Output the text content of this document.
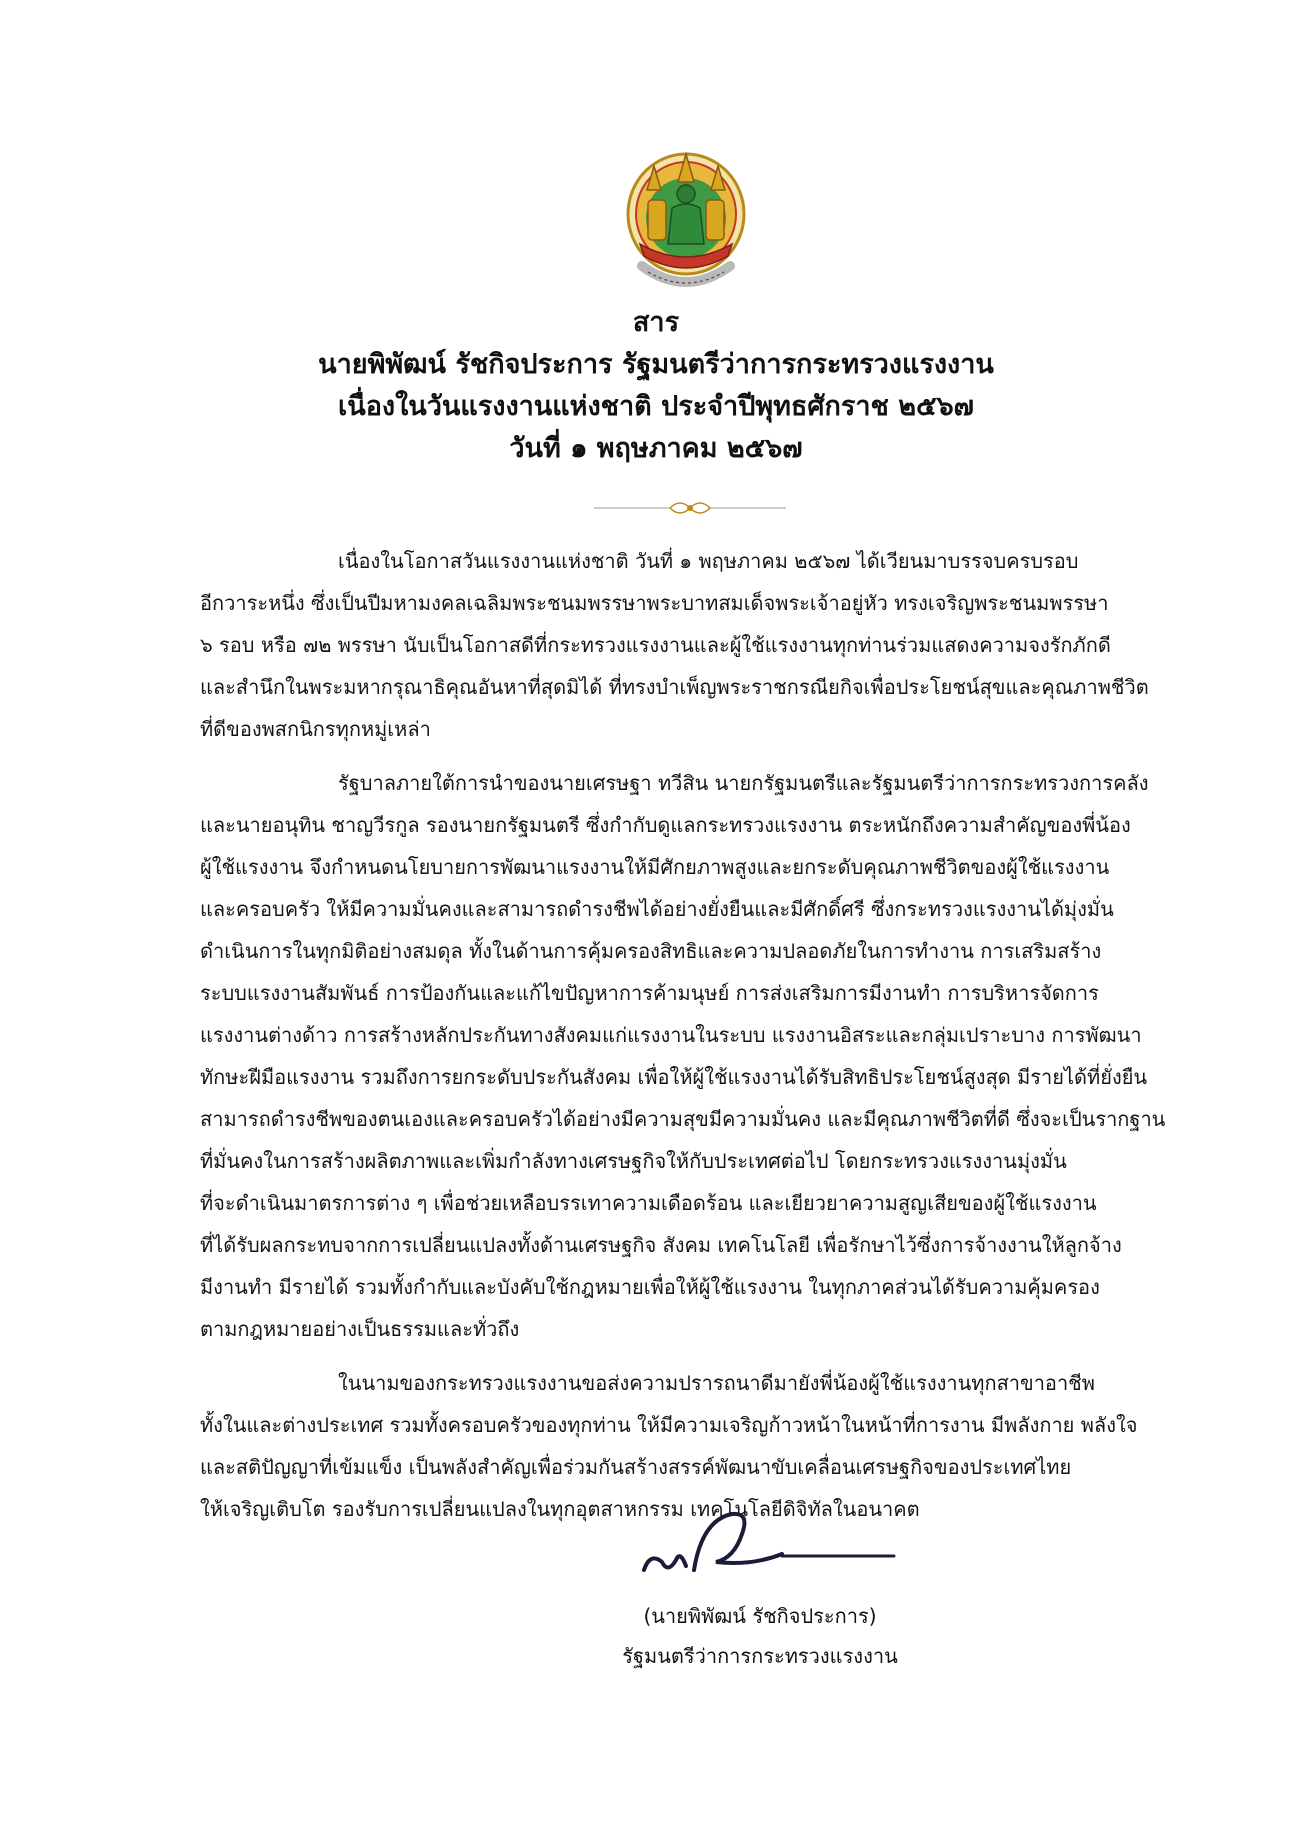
สาร
นายพิพัฒน์ รัชกิจประการ รัฐมนตรีว่าการกระทรวงแรงงาน
เนื่องในวันแรงงานแห่งชาติ ประจำปีพุทธศักราช ๒๕๖๗
วันที่ ๑ พฤษภาคม ๒๕๖๗
เนื่องในโอกาสวันแรงงานแห่งชาติ วันที่ ๑ พฤษภาคม ๒๕๖๗ ได้เวียนมาบรรจบครบรอบ
อีกวาระหนึ่ง ซึ่งเป็นปีมหามงคลเฉลิมพระชนมพรรษาพระบาทสมเด็จพระเจ้าอยู่หัว ทรงเจริญพระชนมพรรษา
๖ รอบ หรือ ๗๒ พรรษา นับเป็นโอกาสดีที่กระทรวงแรงงานและผู้ใช้แรงงานทุกท่านร่วมแสดงความจงรักภักดี
และสำนึกในพระมหากรุณาธิคุณอันหาที่สุดมิได้ ที่ทรงบำเพ็ญพระราชกรณียกิจเพื่อประโยชน์สุขและคุณภาพชีวิต
ที่ดีของพสกนิกรทุกหมู่เหล่า
รัฐบาลภายใต้การนำของนายเศรษฐา ทวีสิน นายกรัฐมนตรีและรัฐมนตรีว่าการกระทรวงการคลัง
และนายอนุทิน ชาญวีรกูล รองนายกรัฐมนตรี ซึ่งกำกับดูแลกระทรวงแรงงาน ตระหนักถึงความสำคัญของพี่น้อง
ผู้ใช้แรงงาน จึงกำหนดนโยบายการพัฒนาแรงงานให้มีศักยภาพสูงและยกระดับคุณภาพชีวิตของผู้ใช้แรงงาน
และครอบครัว ให้มีความมั่นคงและสามารถดำรงชีพได้อย่างยั่งยืนและมีศักดิ์ศรี ซึ่งกระทรวงแรงงานได้มุ่งมั่น
ดำเนินการในทุกมิติอย่างสมดุล ทั้งในด้านการคุ้มครองสิทธิและความปลอดภัยในการทำงาน การเสริมสร้าง
ระบบแรงงานสัมพันธ์ การป้องกันและแก้ไขปัญหาการค้ามนุษย์ การส่งเสริมการมีงานทำ การบริหารจัดการ
แรงงานต่างด้าว การสร้างหลักประกันทางสังคมแก่แรงงานในระบบ แรงงานอิสระและกลุ่มเปราะบาง การพัฒนา
ทักษะฝีมือแรงงาน รวมถึงการยกระดับประกันสังคม เพื่อให้ผู้ใช้แรงงานได้รับสิทธิประโยชน์สูงสุด มีรายได้ที่ยั่งยืน
สามารถดำรงชีพของตนเองและครอบครัวได้อย่างมีความสุขมีความมั่นคง และมีคุณภาพชีวิตที่ดี ซึ่งจะเป็นรากฐาน
ที่มั่นคงในการสร้างผลิตภาพและเพิ่มกำลังทางเศรษฐกิจให้กับประเทศต่อไป โดยกระทรวงแรงงานมุ่งมั่น
ที่จะดำเนินมาตรการต่าง ๆ เพื่อช่วยเหลือบรรเทาความเดือดร้อน และเยียวยาความสูญเสียของผู้ใช้แรงงาน
ที่ได้รับผลกระทบจากการเปลี่ยนแปลงทั้งด้านเศรษฐกิจ สังคม เทคโนโลยี เพื่อรักษาไว้ซึ่งการจ้างงานให้ลูกจ้าง
มีงานทำ มีรายได้ รวมทั้งกำกับและบังคับใช้กฎหมายเพื่อให้ผู้ใช้แรงงาน ในทุกภาคส่วนได้รับความคุ้มครอง
ตามกฎหมายอย่างเป็นธรรมและทั่วถึง
ในนามของกระทรวงแรงงานขอส่งความปรารถนาดีมายังพี่น้องผู้ใช้แรงงานทุกสาขาอาชีพ
ทั้งในและต่างประเทศ รวมทั้งครอบครัวของทุกท่าน ให้มีความเจริญก้าวหน้าในหน้าที่การงาน มีพลังกาย พลังใจ
และสติปัญญาที่เข้มแข็ง เป็นพลังสำคัญเพื่อร่วมกันสร้างสรรค์พัฒนาขับเคลื่อนเศรษฐกิจของประเทศไทย
ให้เจริญเติบโต รองรับการเปลี่ยนแปลงในทุกอุตสาหกรรม เทคโนโลยีดิจิทัลในอนาคต
(นายพิพัฒน์ รัชกิจประการ)
รัฐมนตรีว่าการกระทรวงแรงงาน
